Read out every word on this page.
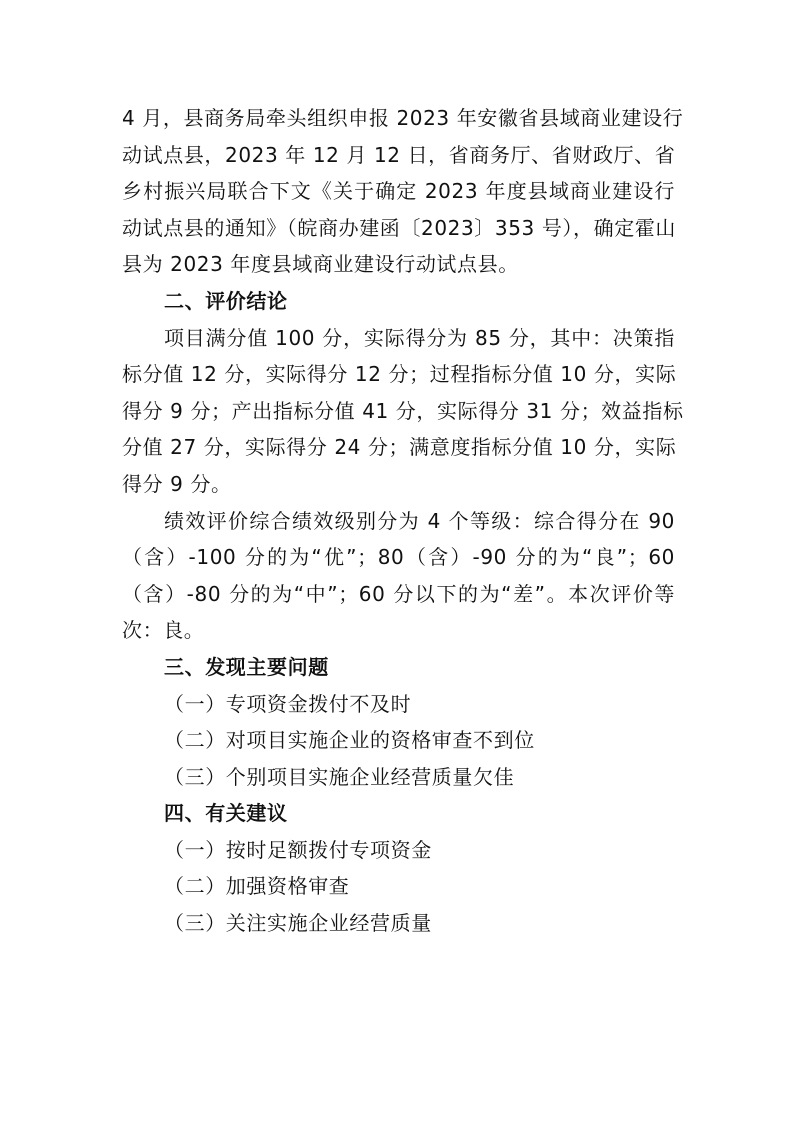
4 月，县商务局牵头组织申报 2023 年安徽省县域商业建设行
动试点县，2023 年 12 月 12 日，省商务厅、省财政厅、省
乡村振兴局联合下文《关于确定 2023 年度县域商业建设行
动试点县的通知》（皖商办建函〔2023〕353 号），确定霍山
县为 2023 年度县域商业建设行动试点县。
二、评价结论
项目满分值 100 分，实际得分为 85 分，其中：决策指
标分值 12 分，实际得分 12 分；过程指标分值 10 分，实际
得分 9 分；产出指标分值 41 分，实际得分 31 分；效益指标
分值 27 分，实际得分 24 分；满意度指标分值 10 分，实际
得分 9 分。
绩效评价综合绩效级别分为 4 个等级：综合得分在 90
（含）-100 分的为“优”；80（含）-90 分的为“良”；60
（含）-80 分的为“中”；60 分以下的为“差”。本次评价等
次：良。
三、发现主要问题
（一）专项资金拨付不及时
（二）对项目实施企业的资格审查不到位
（三）个别项目实施企业经营质量欠佳
四、有关建议
（一）按时足额拨付专项资金
（二）加强资格审查
（三）关注实施企业经营质量
